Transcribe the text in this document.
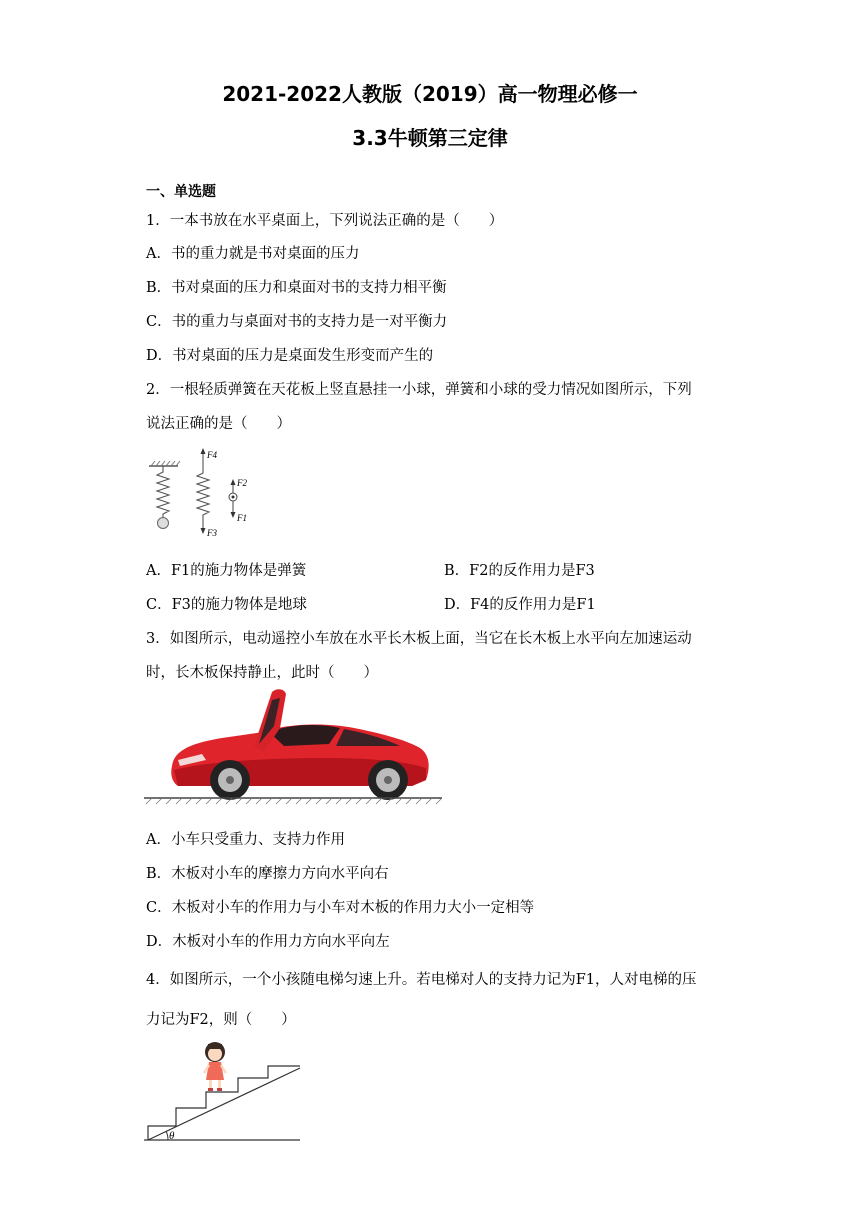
2021-2022人教版（2019）高一物理必修一
3.3牛顿第三定律
一、单选题
1．一本书放在水平桌面上，下列说法正确的是（　　）
A．书的重力就是书对桌面的压力
B．书对桌面的压力和桌面对书的支持力相平衡
C．书的重力与桌面对书的支持力是一对平衡力
D．书对桌面的压力是桌面发生形变而产生的
2．一根轻质弹簧在天花板上竖直悬挂一小球，弹簧和小球的受力情况如图所示，下列
说法正确的是（　　）
F4
F2
F1
F3
A．F1的施力物体是弹簧	B．F2的反作用力是F3
C．F3的施力物体是地球	D．F4的反作用力是F1
3．如图所示，电动遥控小车放在水平长木板上面，当它在长木板上水平向左加速运动
时，长木板保持静止，此时（　　）
A．小车只受重力、支持力作用
B．木板对小车的摩擦力方向水平向右
C．木板对小车的作用力与小车对木板的作用力大小一定相等
D．木板对小车的作用力方向水平向左
4．如图所示，一个小孩随电梯匀速上升。若电梯对人的支持力记为F1，人对电梯的压
力记为F2，则（　　）
θ
